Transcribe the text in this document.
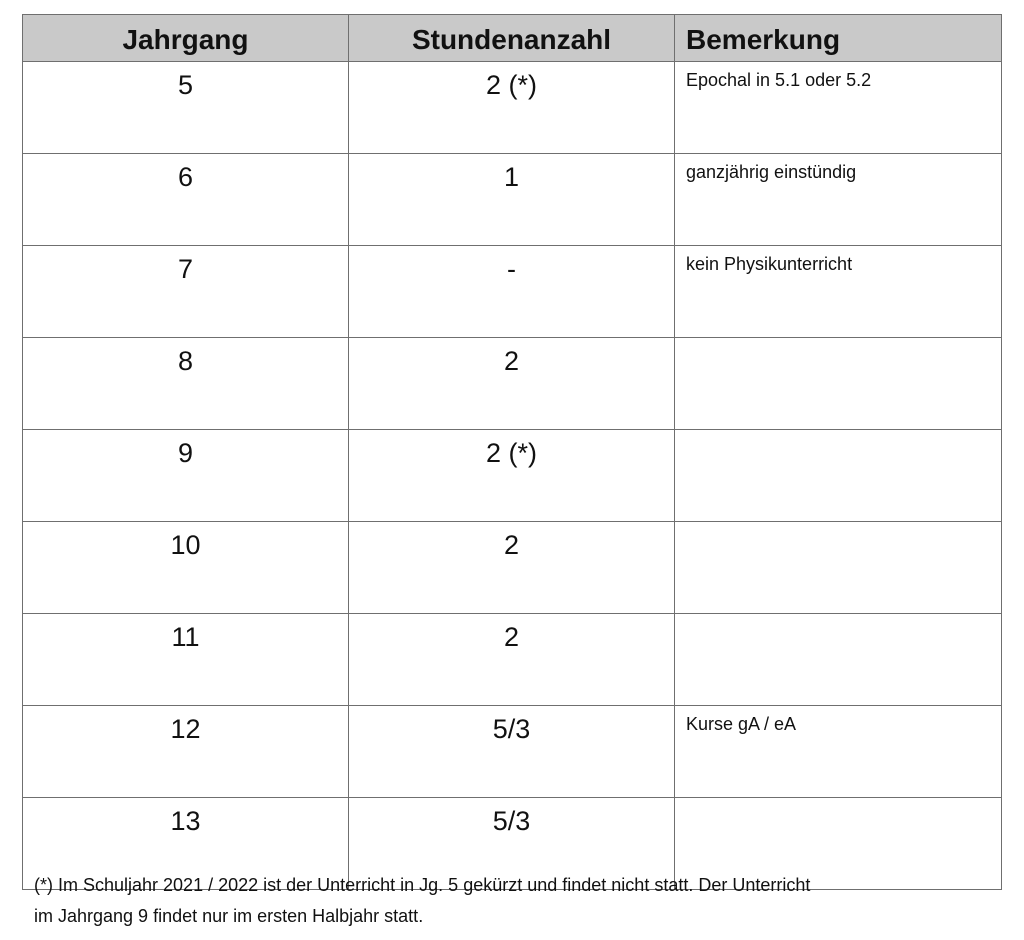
Jahrgang	Stundenanzahl	Bemerkung
5	2 (*)	Epochal in 5.1 oder 5.2
6	1	ganzjährig einstündig
7	-	kein Physikunterricht
8	2	
9	2 (*)	
10	2	
11	2	
12	5/3	Kurse gA / eA
13	5/3	

(*) Im Schuljahr 2021 / 2022 ist der Unterricht in Jg. 5 gekürzt und findet nicht statt. Der Unterricht
im Jahrgang 9 findet nur im ersten Halbjahr statt.
